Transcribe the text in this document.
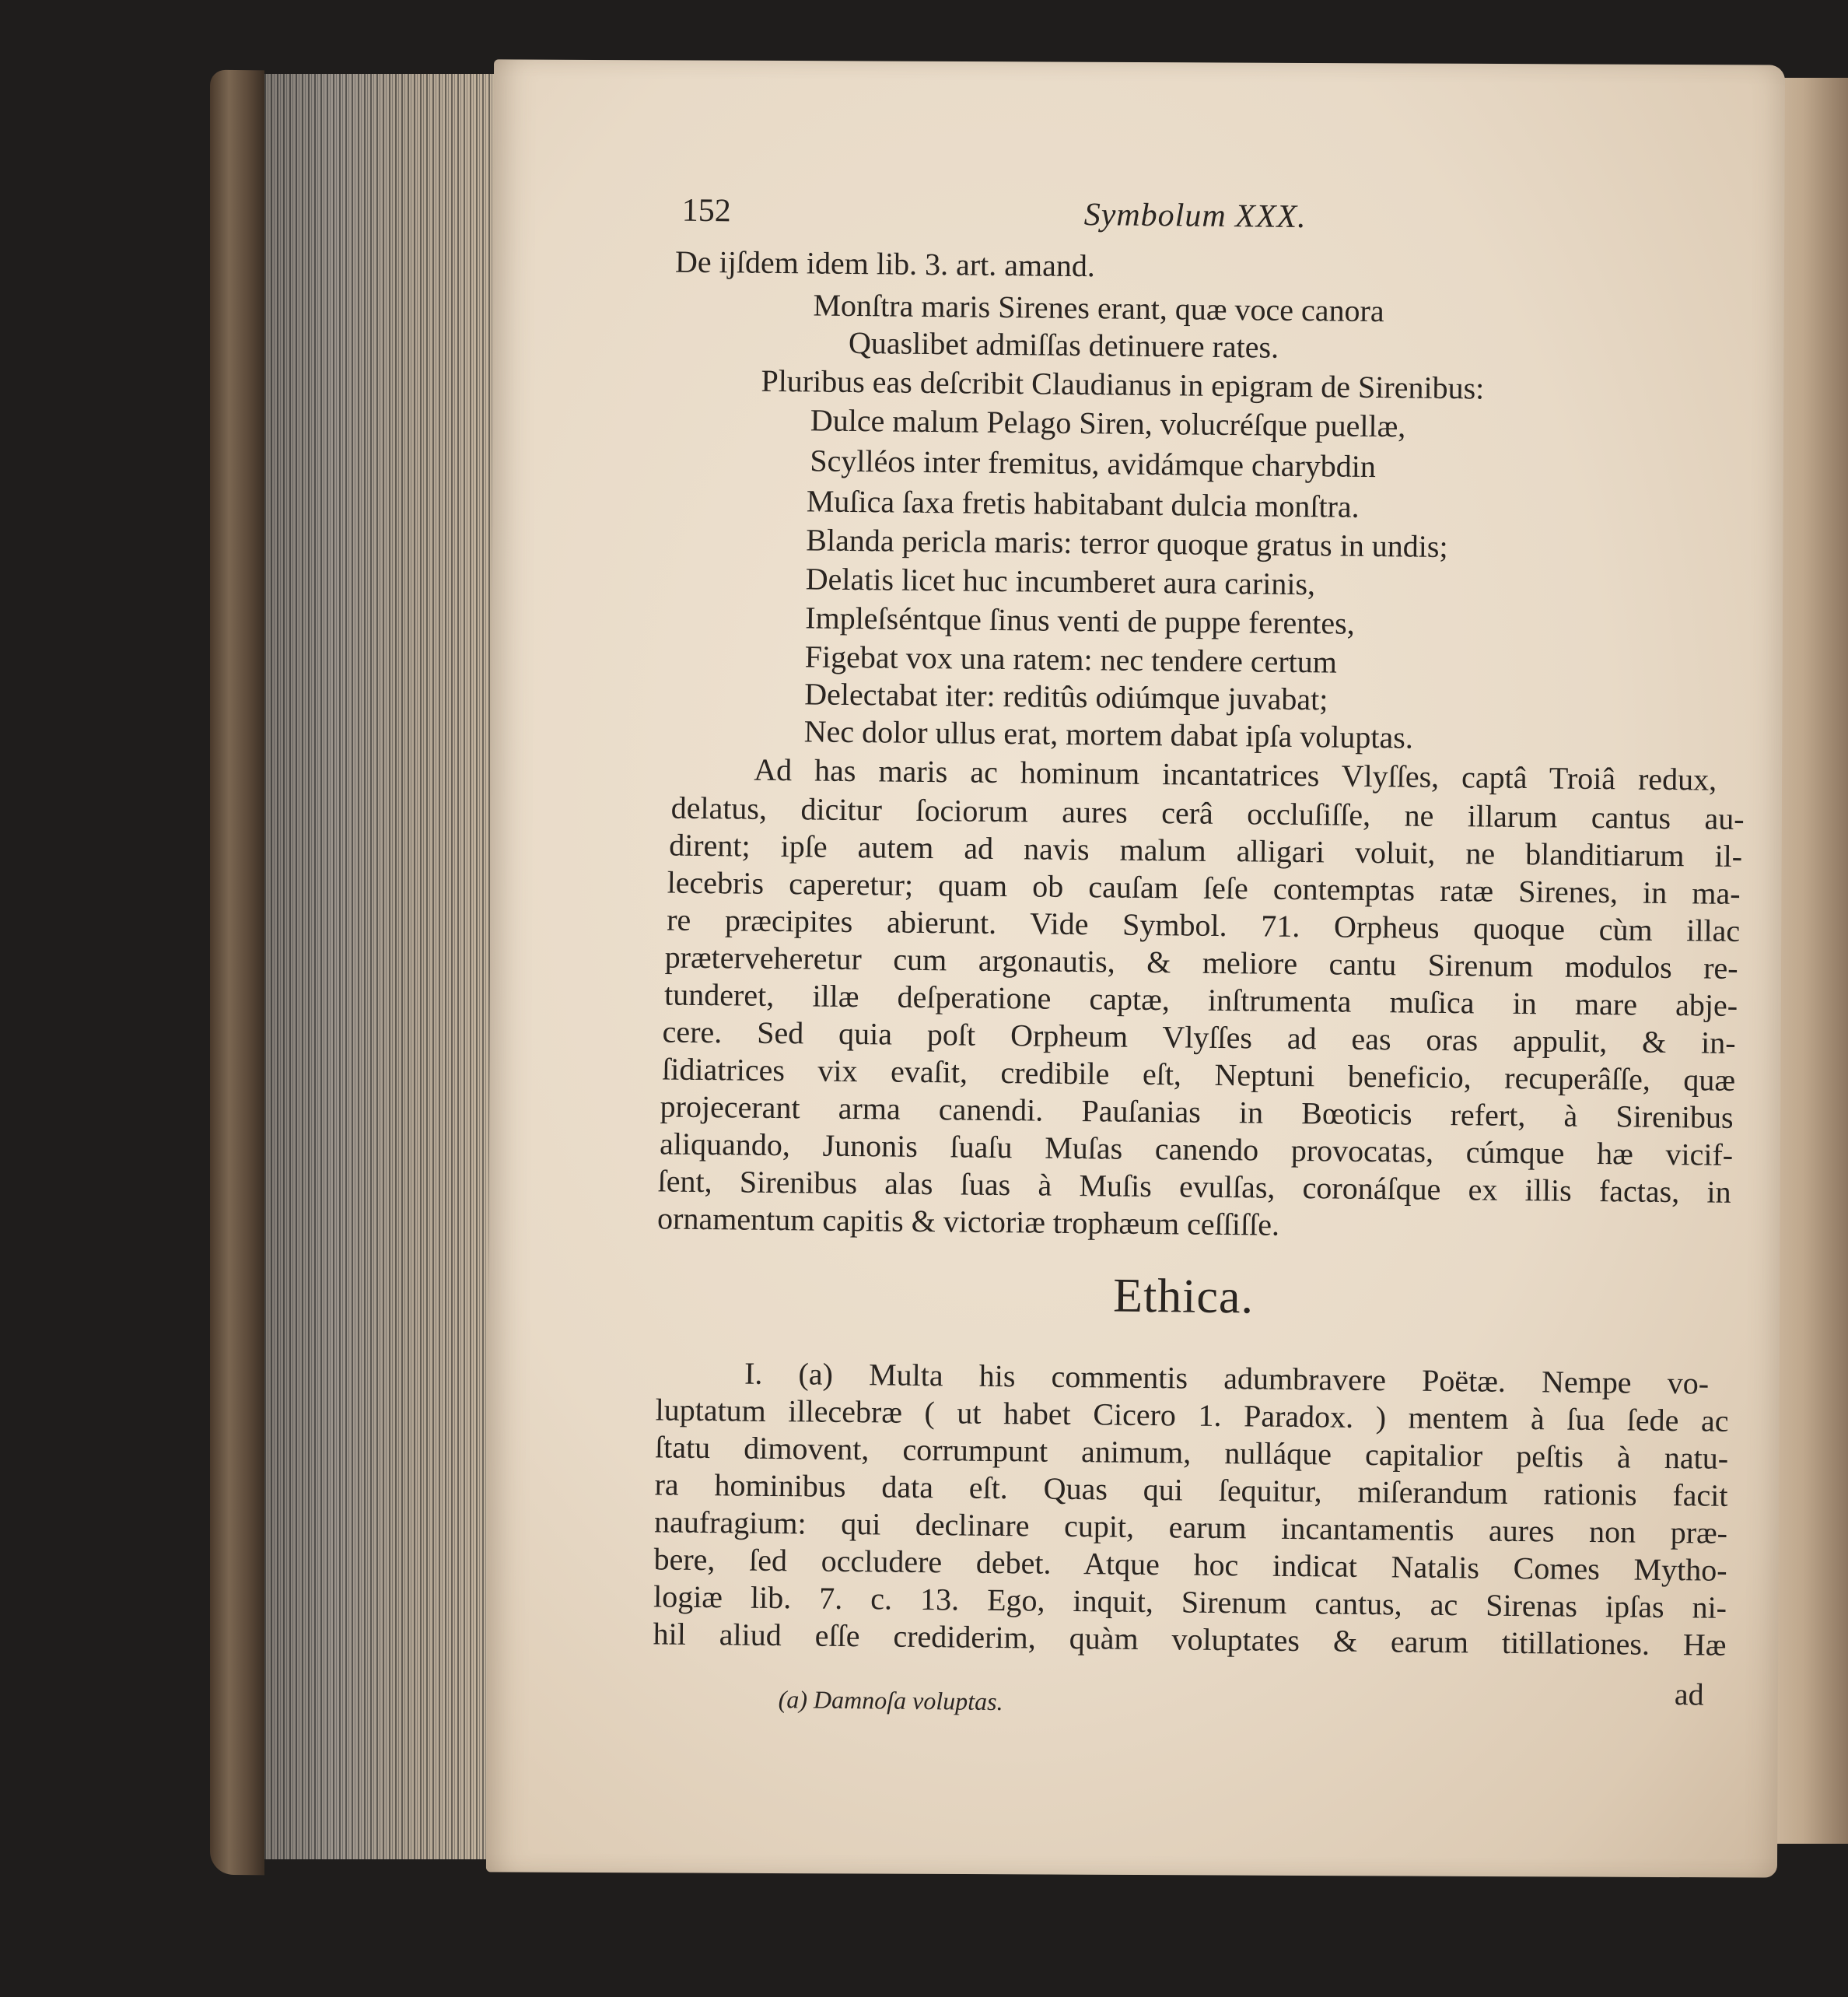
152	Symbolum XXX.
De ijſdem idem lib. 3. art. amand.
Monſtra maris Sirenes erant, quæ voce canora
Quaslibet admiſſas detinuere rates.
Pluribus eas deſcribit Claudianus in epigram de Sirenibus:
Dulce malum Pelago Siren, volucréſque puellæ,
Scylléos inter fremitus, avidámque charybdin
Muſica ſaxa fretis habitabant dulcia monſtra.
Blanda pericla maris: terror quoque gratus in undis;
Delatis licet huc incumberet aura carinis,
Impleſséntque ſinus venti de puppe ferentes,
Figebat vox una ratem: nec tendere certum
Delectabat iter: reditûs odiúmque juvabat;
Nec dolor ullus erat, mortem dabat ipſa voluptas.
Ad has maris ac hominum incantatrices Vlyſſes, captâ Troiâ redux,
delatus, dicitur ſociorum aures cerâ occluſiſſe, ne illarum cantus au-
dirent; ipſe autem ad navis malum alligari voluit, ne blanditiarum il-
lecebris caperetur; quam ob cauſam ſeſe contemptas ratæ Sirenes, in ma-
re præcipites abierunt. Vide Symbol. 71. Orpheus quoque cùm illac
præterveheretur cum argonautis, & meliore cantu Sirenum modulos re-
tunderet, illæ deſperatione captæ, inſtrumenta muſica in mare abje-
cere. Sed quia poſt Orpheum Vlyſſes ad eas oras appulit, & in-
ſidiatrices vix evaſit, credibile eſt, Neptuni beneficio, recuperâſſe, quæ
projecerant arma canendi. Pauſanias in Bœoticis refert, à Sirenibus
aliquando, Junonis ſuaſu Muſas canendo provocatas, cúmque hæ vicif-
ſent, Sirenibus alas ſuas à Muſis evulſas, coronáſque ex illis factas, in
ornamentum capitis & victoriæ trophæum ceſſiſſe.
Ethica.
I. (a) Multa his commentis adumbravere Poëtæ. Nempe vo-
luptatum illecebræ ( ut habet Cicero 1. Paradox. ) mentem à ſua ſede ac
ſtatu dimovent, corrumpunt animum, nulláque capitalior peſtis à natu-
ra hominibus data eſt. Quas qui ſequitur, miſerandum rationis facit
naufragium: qui declinare cupit, earum incantamentis aures non præ-
bere, ſed occludere debet. Atque hoc indicat Natalis Comes Mytho-
logiæ lib. 7. c. 13. Ego, inquit, Sirenum cantus, ac Sirenas ipſas ni-
hil aliud eſſe crediderim, quàm voluptates & earum titillationes. Hæ
ad
(a) Damnoſa voluptas.
